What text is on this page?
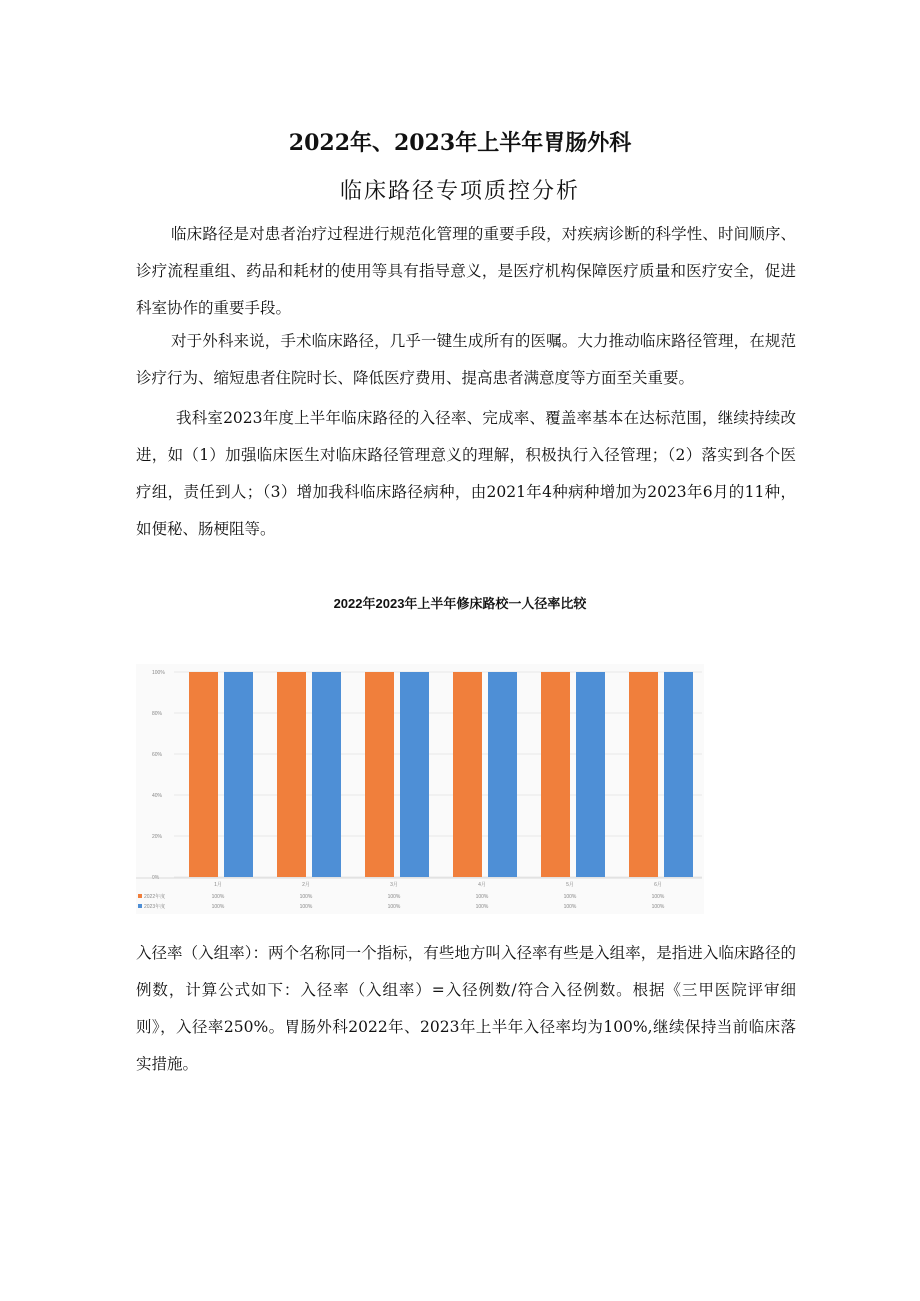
2022年、2023年上半年胃肠外科
临床路径专项质控分析
临床路径是对患者治疗过程进行规范化管理的重要手段，对疾病诊断的科学性、时间顺序、诊疗流程重组、药品和耗材的使用等具有指导意义，是医疗机构保障医疗质量和医疗安全，促进科室协作的重要手段。
对于外科来说，手术临床路径，几乎一键生成所有的医嘱。大力推动临床路径管理，在规范诊疗行为、缩短患者住院时长、降低医疗费用、提高患者满意度等方面至关重要。
我科室2023年度上半年临床路径的入径率、完成率、覆盖率基本在达标范围，继续持续改进，如（1）加强临床医生对临床路径管理意义的理解，积极执行入径管理；（2）落实到各个医疗组，责任到人；（3）增加我科临床路径病种，由2021年4种病种增加为2023年6月的11种，如便秘、肠梗阻等。
2022年2023年上半年修床路校一人径率比较
0%
20%
40%
60%
80%
100%
1月	2月	3月	4月	5月	6月
2022年度	100%	100%	100%	100%	100%	100%
2023年度	100%	100%	100%	100%	100%	100%
入径率（入组率）：两个名称同一个指标，有些地方叫入径率有些是入组率，是指进入临床路径的例数，计算公式如下：入径率（入组率）=入径例数/符合入径例数。根据《三甲医院评审细则》，入径率250%。胃肠外科2022年、2023年上半年入径率均为100%,继续保持当前临床落实措施。
